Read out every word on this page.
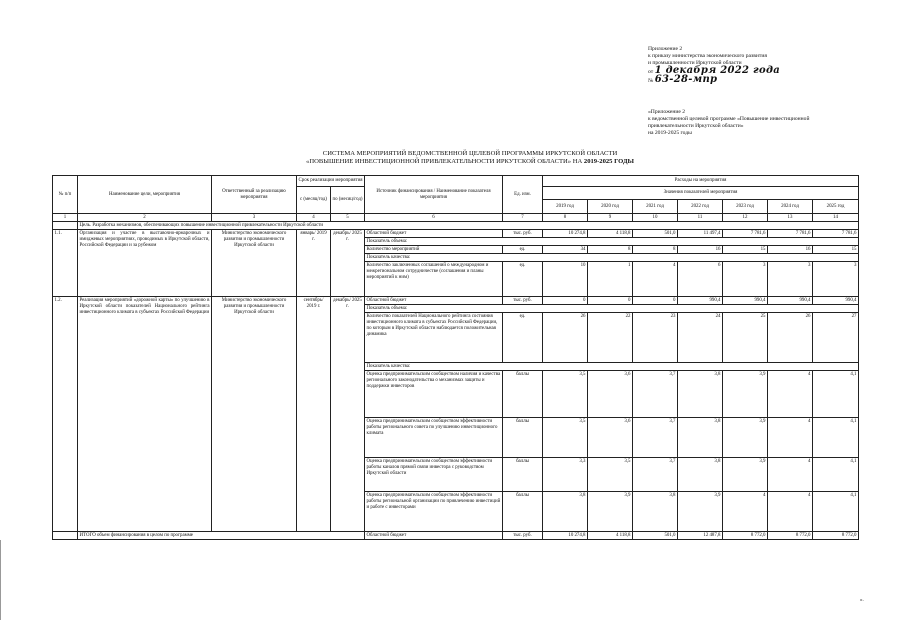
Приложение 2
к приказу министерства экономического развития
и промышленности Иркутской области
от 1 декабря 2022 года
№ 63-28-мпр
«Приложение 2
к ведомственной целевой программе «Повышение инвестиционной
привлекательности Иркутской области»
на 2019-2025 годы
СИСТЕМА МЕРОПРИЯТИЙ ВЕДОМСТВЕННОЙ ЦЕЛЕВОЙ ПРОГРАММЫ ИРКУТСКОЙ ОБЛАСТИ
«ПОВЫШЕНИЕ ИНВЕСТИЦИОННОЙ ПРИВЛЕКАТЕЛЬНОСТИ ИРКУТСКОЙ ОБЛАСТИ» НА 2019-2025 ГОДЫ
№ п/п	Наименование цели, мероприятия	Ответственный за реализацию мероприятия	Срок реализации мероприятия		Источник финансирования / Наименование показателя мероприятия	Ед. изм.	Расходы на мероприятия						
			с (месяц/год)	по (месяц/год)			Значения показателей мероприятия						
							2019 год	2020 год	2021 год	2022 год	2023 год	2024 год	2025 год
1	2	3	4	5	6	7	8	9	10	11	12	13	14
	Цель. Разработка механизмов, обеспечивающих повышение инвестиционной привлекательности Иркутской области												
1.1.	Организация и участие в выставочно-ярмарочных и имиджевых мероприятиях, проводимых в Иркутской области, Российской Федерации и за рубежом	Министерство экономического развития и промышленности Иркутской области	январь/ 2019 г.	декабрь/ 2025 г.	Областной бюджет	тыс. руб.	10 274,8	4 118,8	501,0	11 497,4	7 781,6	7 781,6	7 781,6
					Показатель объема:								
					Количество мероприятий	ед.	34	8	8	16	15	16	15
					Показатель качества:								
					Количество заключенных соглашений о международном и межрегиональном сотрудничестве (соглашения и планы мероприятий к ним)	ед.	10	1	4	6	3	3	3
1.2.	Реализация мероприятий «дорожной карты» по улучшению в Иркутской области показателей Национального рейтинга инвестиционного климата в субъектах Российской Федерации	Министерство экономического развития и промышленности Иркутской области	сентябрь/ 2019 г.	декабрь/ 2025 г.	Областной бюджет	тыс. руб.	0	0	0	990,4	990,4	990,4	990,4
					Показатель объема:								
					Количество показателей Национального рейтинга состояния инвестиционного климата в субъектах Российской Федерации, по которым в Иркутской области наблюдается положительная динамика	ед.	26	22	23	24	25	26	27
					Показатель качества:								
					Оценка предпринимательским сообществом наличия и качества регионального законодательства о механизмах защиты и поддержки инвесторов	баллы	3,5	3,6	3,7	3,8	3,9	4	4,1
					Оценка предпринимательским сообществом эффективности работы регионального совета по улучшению инвестиционного климата	баллы	3,5	3,6	3,7	3,8	3,9	4	4,1
					Оценка предпринимательским сообществом эффективности работы каналов прямой связи инвестора с руководством Иркутской области	баллы	3,3	3,5	3,7	3,8	3,9	4	4,1
					Оценка предпринимательским сообществом эффективности работы региональной организации по привлечению инвестиций и работе с инвесторами	баллы	3,8	3,9	3,8	3,9	4	4	4,1
	ИТОГО объем финансирования в целом по программе				Областной бюджет	тыс. руб.	10 274,8	4 118,8	501,0	12 487,8	8 772,0	8 772,0	8 772,0
».
